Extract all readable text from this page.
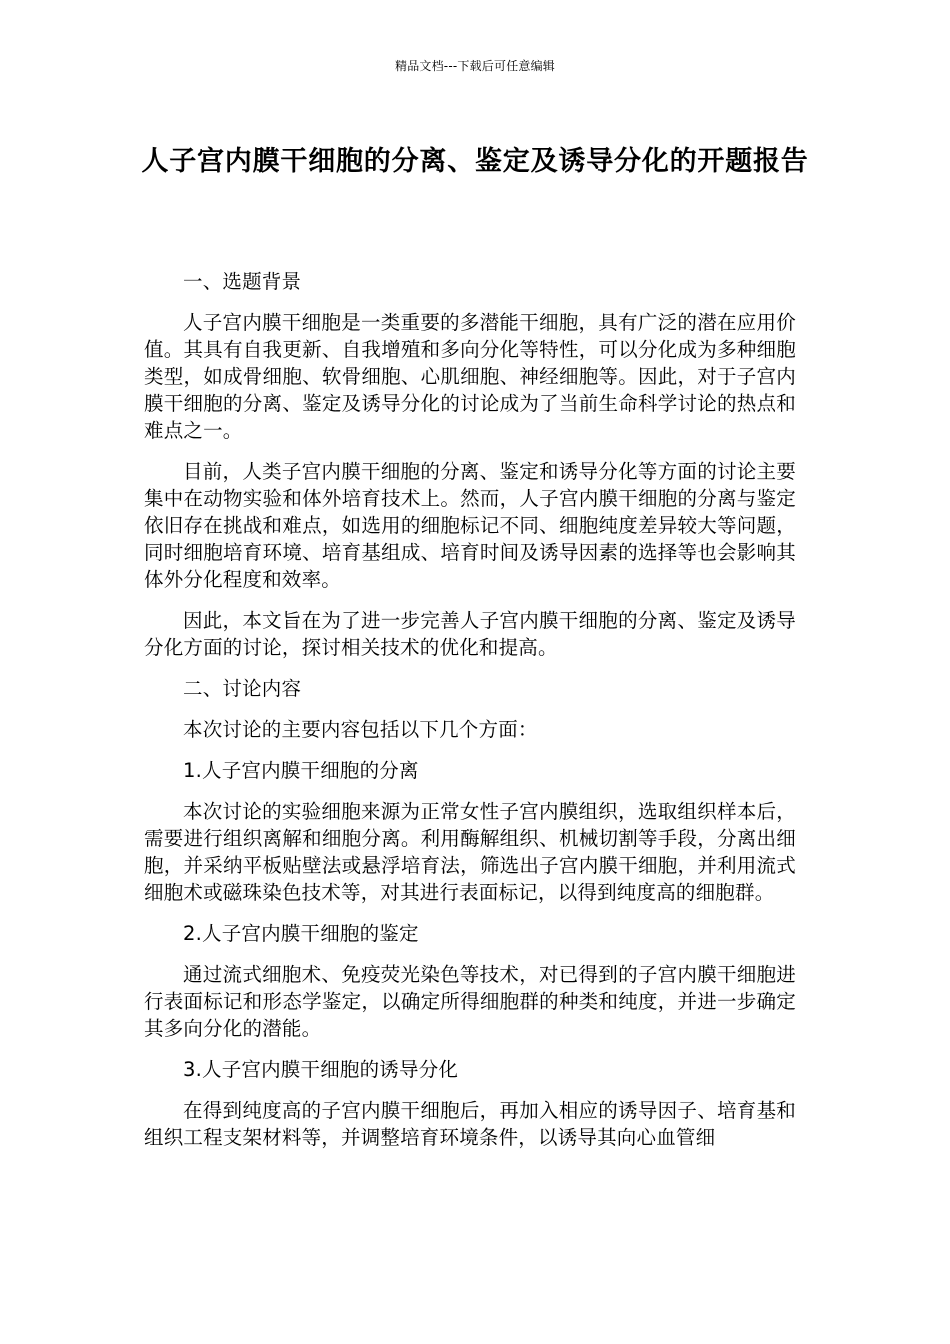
精品文档---下载后可任意编辑
人子宫内膜干细胞的分离、鉴定及诱导分化的开题报告

一、选题背景

人子宫内膜干细胞是一类重要的多潜能干细胞，具有广泛的潜在应用价值。其具有自我更新、自我增殖和多向分化等特性，可以分化成为多种细胞类型，如成骨细胞、软骨细胞、心肌细胞、神经细胞等。因此，对于子宫内膜干细胞的分离、鉴定及诱导分化的讨论成为了当前生命科学讨论的热点和难点之一。

目前，人类子宫内膜干细胞的分离、鉴定和诱导分化等方面的讨论主要集中在动物实验和体外培育技术上。然而，人子宫内膜干细胞的分离与鉴定依旧存在挑战和难点，如选用的细胞标记不同、细胞纯度差异较大等问题，同时细胞培育环境、培育基组成、培育时间及诱导因素的选择等也会影响其体外分化程度和效率。

因此，本文旨在为了进一步完善人子宫内膜干细胞的分离、鉴定及诱导分化方面的讨论，探讨相关技术的优化和提高。

二、讨论内容

本次讨论的主要内容包括以下几个方面：

1.人子宫内膜干细胞的分离

本次讨论的实验细胞来源为正常女性子宫内膜组织，选取组织样本后，需要进行组织离解和细胞分离。利用酶解组织、机械切割等手段，分离出细胞，并采纳平板贴壁法或悬浮培育法，筛选出子宫内膜干细胞，并利用流式细胞术或磁珠染色技术等，对其进行表面标记，以得到纯度高的细胞群。

2.人子宫内膜干细胞的鉴定

通过流式细胞术、免疫荧光染色等技术，对已得到的子宫内膜干细胞进行表面标记和形态学鉴定，以确定所得细胞群的种类和纯度，并进一步确定其多向分化的潜能。

3.人子宫内膜干细胞的诱导分化

在得到纯度高的子宫内膜干细胞后，再加入相应的诱导因子、培育基和组织工程支架材料等，并调整培育环境条件，以诱导其向心血管细
